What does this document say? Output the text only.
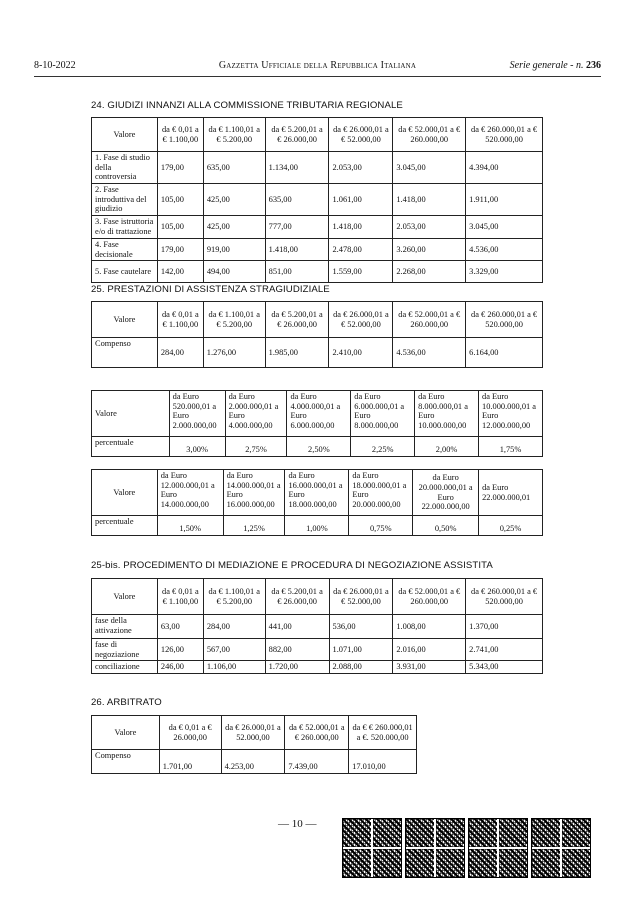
8-10-2022	Gazzetta Ufficiale della Repubblica Italiana	Serie generale - n. 236
24. GIUDIZI INNANZI ALLA COMMISSIONE TRIBUTARIA REGIONALE
Valore	da € 0,01 a € 1.100,00	da € 1.100,01 a € 5.200,00	da € 5.200,01 a € 26.000,00	da € 26.000,01 a € 52.000,00	da € 52.000,01 a € 260.000,00	da € 260.000,01 a € 520.000,00
1. Fase di studio della controversia	179,00	635,00	1.134,00	2.053,00	3.045,00	4.394,00
2. Fase introduttiva del giudizio	105,00	425,00	635,00	1.061,00	1.418,00	1.911,00
3. Fase istruttoria e/o di trattazione	105,00	425,00	777,00	1.418,00	2.053,00	3.045,00
4. Fase decisionale	179,00	919,00	1.418,00	2.478,00	3.260,00	4.536,00
5. Fase cautelare	142,00	494,00	851,00	1.559,00	2.268,00	3.329,00
25. PRESTAZIONI DI ASSISTENZA STRAGIUDIZIALE
Valore	da € 0,01 a € 1.100,00	da € 1.100,01 a € 5.200,00	da € 5.200,01 a € 26.000,00	da € 26.000,01 a € 52.000,00	da € 52.000,01 a € 260.000,00	da € 260.000,01 a € 520.000,00
Compenso	284,00	1.276,00	1.985,00	2.410,00	4.536,00	6.164,00
Valore	da Euro 520.000,01 a Euro 2.000.000,00	da Euro 2.000.000,01 a Euro 4.000.000,00	da Euro 4.000.000,01 a Euro 6.000.000,00	da Euro 6.000.000,01 a Euro 8.000.000,00	da Euro 8.000.000,01 a Euro 10.000.000,00	da Euro 10.000.000,01 a Euro 12.000.000,00
percentuale	3,00%	2,75%	2,50%	2,25%	2,00%	1,75%
Valore	da Euro 12.000.000,01 a Euro 14.000.000,00	da Euro 14.000.000,01 a Euro 16.000.000,00	da Euro 16.000.000,01 a Euro 18.000.000,00	da Euro 18.000.000,01 a Euro 20.000.000,00	da Euro 20.000.000,01 a Euro 22.000.000,00	da Euro 22.000.000,01
percentuale	1,50%	1,25%	1,00%	0,75%	0,50%	0,25%
25-bis. PROCEDIMENTO DI MEDIAZIONE E PROCEDURA DI NEGOZIAZIONE ASSISTITA
Valore	da € 0,01 a € 1.100,00	da € 1.100,01 a € 5.200,00	da € 5.200,01 a € 26.000,00	da € 26.000,01 a € 52.000,00	da € 52.000,01 a € 260.000,00	da € 260.000,01 a € 520.000,00
fase della attivazione	63,00	284,00	441,00	536,00	1.008,00	1.370,00
fase di negoziazione	126,00	567,00	882,00	1.071,00	2.016,00	2.741,00
conciliazione	246,00	1.106,00	1.720,00	2.088,00	3.931,00	5.343,00
26. ARBITRATO
Valore	da € 0,01 a € 26.000,00	da € 26.000,01 a 52.000,00	da € 52.000,01 a € 260.000,00	da € € 260.000,01 a €. 520.000,00
Compenso	1.701,00	4.253,00	7.439,00	17.010,00
— 10 —
